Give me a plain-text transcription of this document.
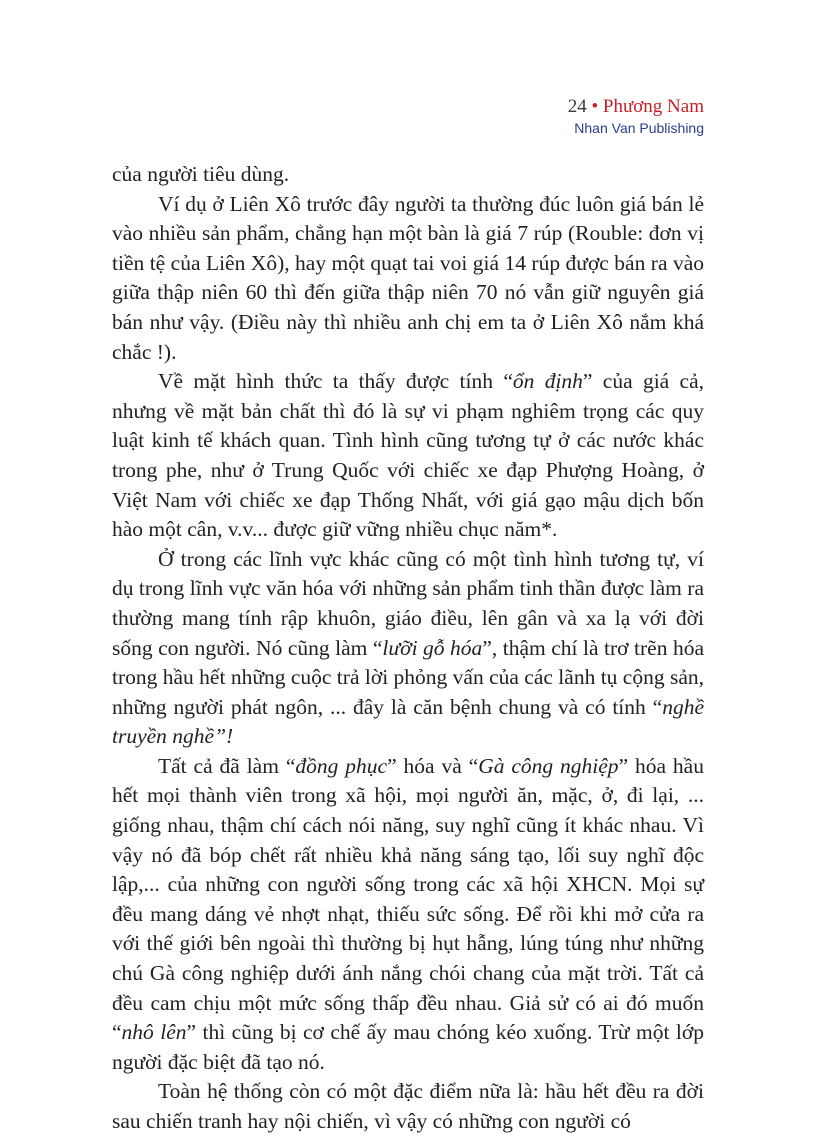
24 • Phương Nam
Nhan Van Publishing

của người tiêu dùng.

Ví dụ ở Liên Xô trước đây người ta thường đúc luôn giá bán lẻ vào nhiều sản phẩm, chẳng hạn một bàn là giá 7 rúp (Rouble: đơn vị tiền tệ của Liên Xô), hay một quạt tai voi giá 14 rúp được bán ra vào giữa thập niên 60 thì đến giữa thập niên 70 nó vẫn giữ nguyên giá bán như vậy. (Điều này thì nhiều anh chị em ta ở Liên Xô nắm khá chắc !).

Về mặt hình thức ta thấy được tính “ổn định” của giá cả, nhưng về mặt bản chất thì đó là sự vi phạm nghiêm trọng các quy luật kinh tế khách quan. Tình hình cũng tương tự ở các nước khác trong phe, như ở Trung Quốc với chiếc xe đạp Phượng Hoàng, ở Việt Nam với chiếc xe đạp Thống Nhất, với giá gạo mậu dịch bốn hào một cân, v.v... được giữ vững nhiều chục năm*.

Ở trong các lĩnh vực khác cũng có một tình hình tương tự, ví dụ trong lĩnh vực văn hóa với những sản phẩm tinh thần được làm ra thường mang tính rập khuôn, giáo điều, lên gân và xa lạ với đời sống con người. Nó cũng làm “lưỡi gỗ hóa”, thậm chí là trơ trẽn hóa trong hầu hết những cuộc trả lời phỏng vấn của các lãnh tụ cộng sản, những người phát ngôn, ... đây là căn bệnh chung và có tính “nghề truyền nghề”!

Tất cả đã làm “đồng phục” hóa và “Gà công nghiệp” hóa hầu hết mọi thành viên trong xã hội, mọi người ăn, mặc, ở, đi lại, ... giống nhau, thậm chí cách nói năng, suy nghĩ cũng ít khác nhau. Vì vậy nó đã bóp chết rất nhiều khả năng sáng tạo, lối suy nghĩ độc lập,... của những con người sống trong các xã hội XHCN. Mọi sự đều mang dáng vẻ nhợt nhạt, thiếu sức sống. Để rồi khi mở cửa ra với thế giới bên ngoài thì thường bị hụt hẫng, lúng túng như những chú Gà công nghiệp dưới ánh nắng chói chang của mặt trời. Tất cả đều cam chịu một mức sống thấp đều nhau. Giả sử có ai đó muốn “nhô lên” thì cũng bị cơ chế ấy mau chóng kéo xuống. Trừ một lớp người đặc biệt đã tạo nó.

Toàn hệ thống còn có một đặc điểm nữa là: hầu hết đều ra đời sau chiến tranh hay nội chiến, vì vậy có những con người có
